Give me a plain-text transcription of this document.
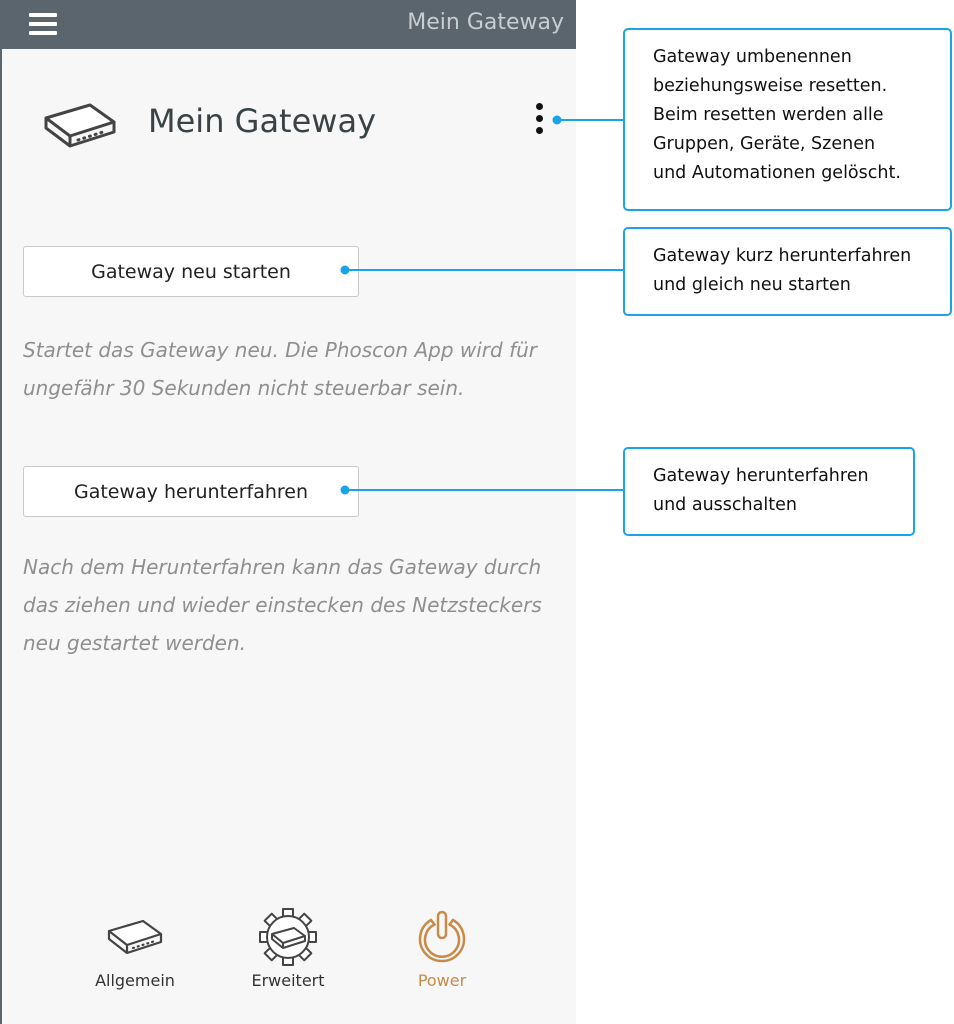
Mein Gateway
Mein Gateway
Gateway neu starten
Startet das Gateway neu. Die Phoscon App wird für
ungefähr 30 Sekunden nicht steuerbar sein.
Gateway herunterfahren
Nach dem Herunterfahren kann das Gateway durch
das ziehen und wieder einstecken des Netzsteckers
neu gestartet werden.
Allgemein	Erweitert	Power
Gateway umbenennen
beziehungsweise resetten.
Beim resetten werden alle
Gruppen, Geräte, Szenen
und Automationen gelöscht.
Gateway kurz herunterfahren
und gleich neu starten
Gateway herunterfahren
und ausschalten
